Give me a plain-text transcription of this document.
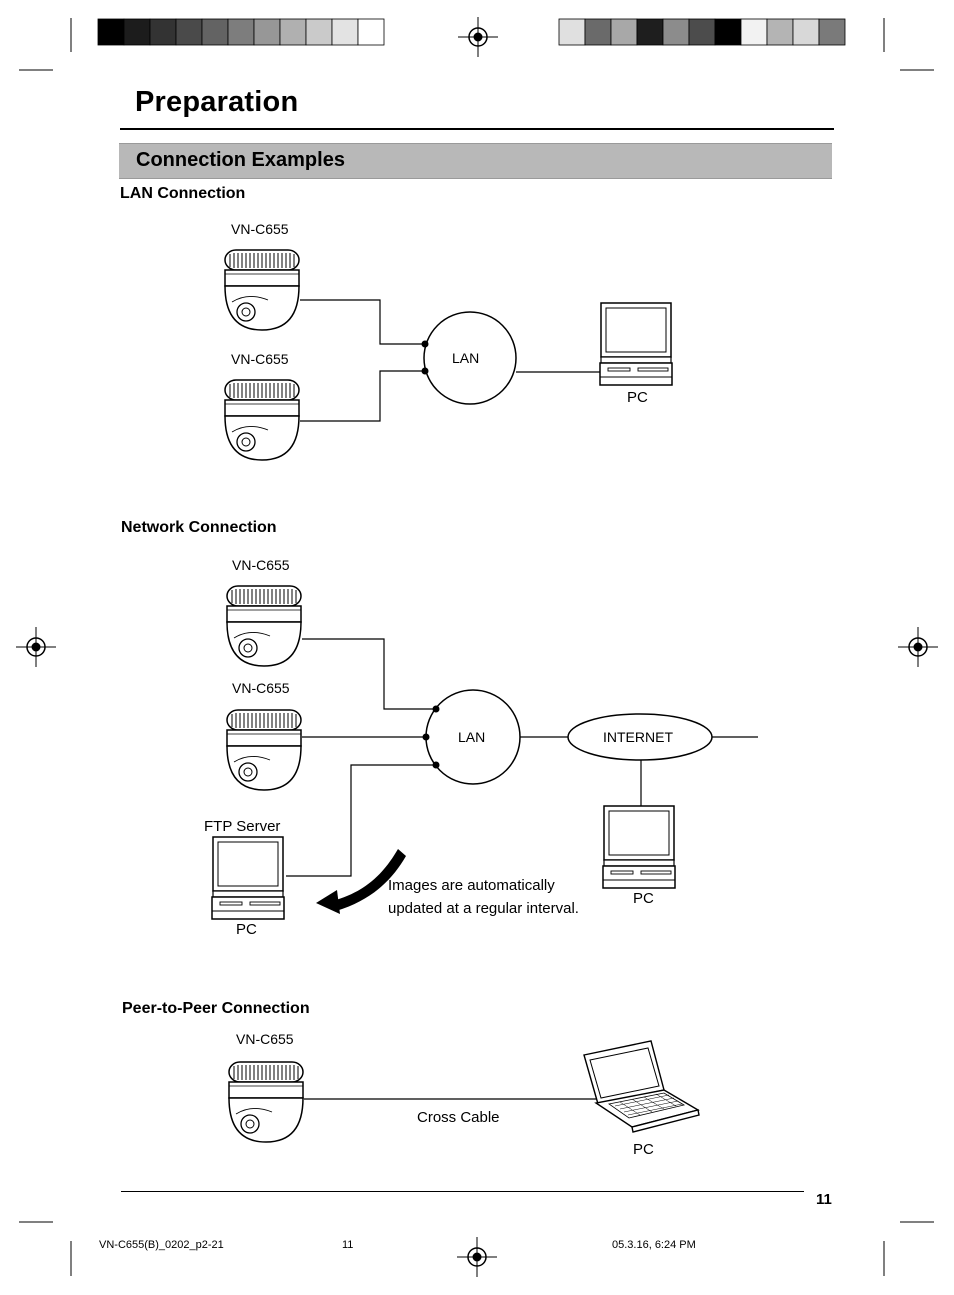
Preparation
Connection Examples
LAN Connection
VN-C655
VN-C655	LAN
PC
Network Connection
VN-C655
VN-C655
LAN	INTERNET
FTP Server
PC
PC
Images are automatically
updated at a regular interval.
Peer-to-Peer Connection
VN-C655
Cross Cable
PC
11
VN-C655(B)_0202_p2-21	11	05.3.16, 6:24 PM
